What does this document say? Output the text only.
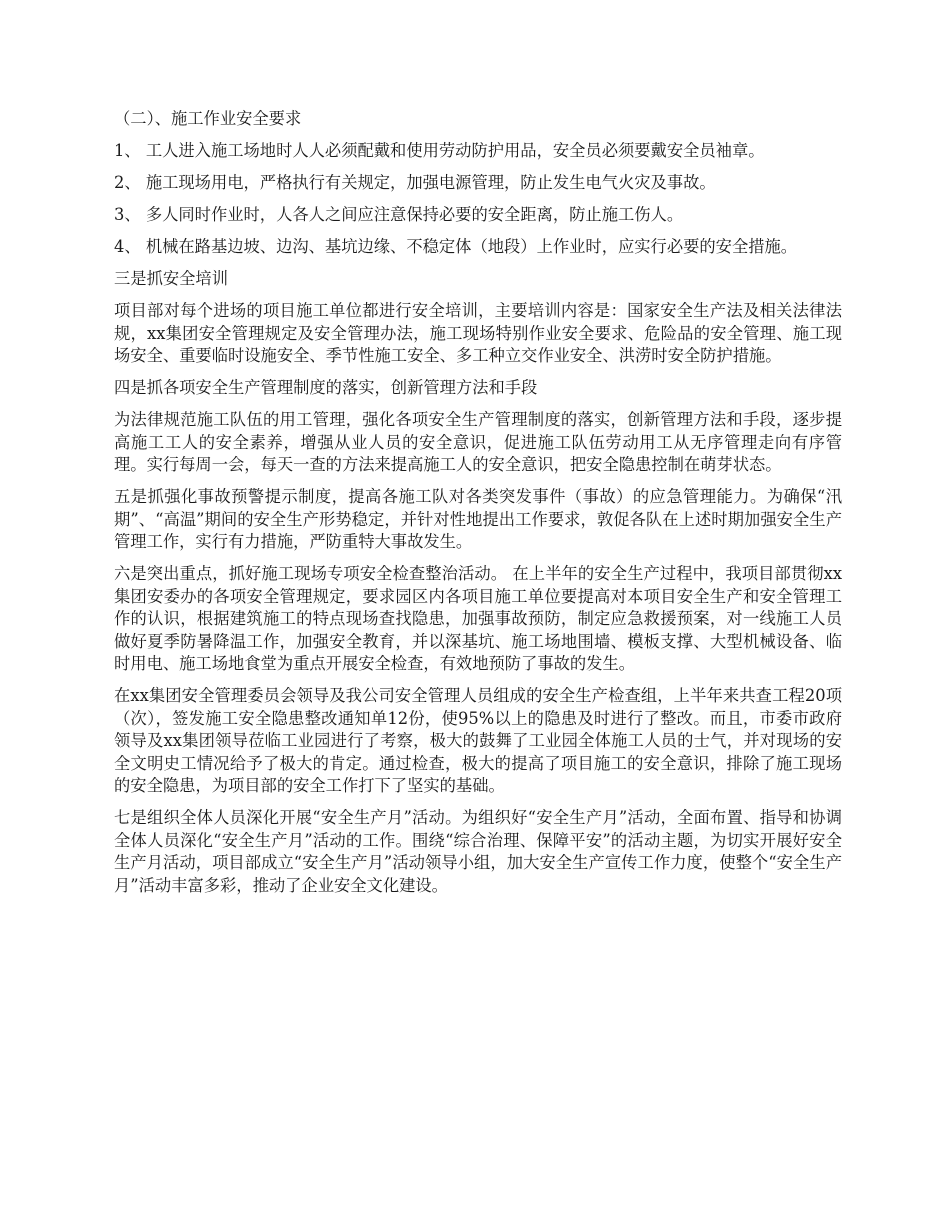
（二）、施工作业安全要求

1、 工人进入施工场地时人人必须配戴和使用劳动防护用品，安全员必须要戴安全员袖章。

2、 施工现场用电，严格执行有关规定，加强电源管理，防止发生电气火灾及事故。

3、 多人同时作业时，人各人之间应注意保持必要的安全距离，防止施工伤人。

4、 机械在路基边坡、边沟、基坑边缘、不稳定体（地段）上作业时，应实行必要的安全措施。

三是抓安全培训

项目部对每个进场的项目施工单位都进行安全培训，主要培训内容是：国家安全生产法及相关法律法规，xx集团安全管理规定及安全管理办法，施工现场特别作业安全要求、危险品的安全管理、施工现场安全、重要临时设施安全、季节性施工安全、多工种立交作业安全、洪涝时安全防护措施。

四是抓各项安全生产管理制度的落实，创新管理方法和手段

为法律规范施工队伍的用工管理，强化各项安全生产管理制度的落实，创新管理方法和手段，逐步提高施工工人的安全素养，增强从业人员的安全意识，促进施工队伍劳动用工从无序管理走向有序管理。实行每周一会，每天一查的方法来提高施工人的安全意识，把安全隐患控制在萌芽状态。

五是抓强化事故预警提示制度，提高各施工队对各类突发事件（事故）的应急管理能力。为确保“汛期”、“高温”期间的安全生产形势稳定，并针对性地提出工作要求，敦促各队在上述时期加强安全生产管理工作，实行有力措施，严防重特大事故发生。

六是突出重点，抓好施工现场专项安全检查整治活动。 在上半年的安全生产过程中，我项目部贯彻xx集团安委办的各项安全管理规定，要求园区内各项目施工单位要提高对本项目安全生产和安全管理工作的认识，根据建筑施工的特点现场查找隐患，加强事故预防，制定应急救援预案，对一线施工人员做好夏季防暑降温工作，加强安全教育，并以深基坑、施工场地围墙、模板支撑、大型机械设备、临时用电、施工场地食堂为重点开展安全检查，有效地预防了事故的发生。

在xx集团安全管理委员会领导及我公司安全管理人员组成的安全生产检查组，上半年来共查工程20项（次），签发施工安全隐患整改通知单12份，使95%以上的隐患及时进行了整改。而且，市委市政府领导及xx集团领导莅临工业园进行了考察，极大的鼓舞了工业园全体施工人员的士气，并对现场的安全文明史工情况给予了极大的肯定。通过检查，极大的提高了项目施工的安全意识，排除了施工现场的安全隐患，为项目部的安全工作打下了坚实的基础。

七是组织全体人员深化开展“安全生产月”活动。为组织好“安全生产月”活动，全面布置、指导和协调全体人员深化“安全生产月”活动的工作。围绕“综合治理、保障平安”的活动主题，为切实开展好安全生产月活动，项目部成立“安全生产月”活动领导小组，加大安全生产宣传工作力度，使整个“安全生产月”活动丰富多彩，推动了企业安全文化建设。
